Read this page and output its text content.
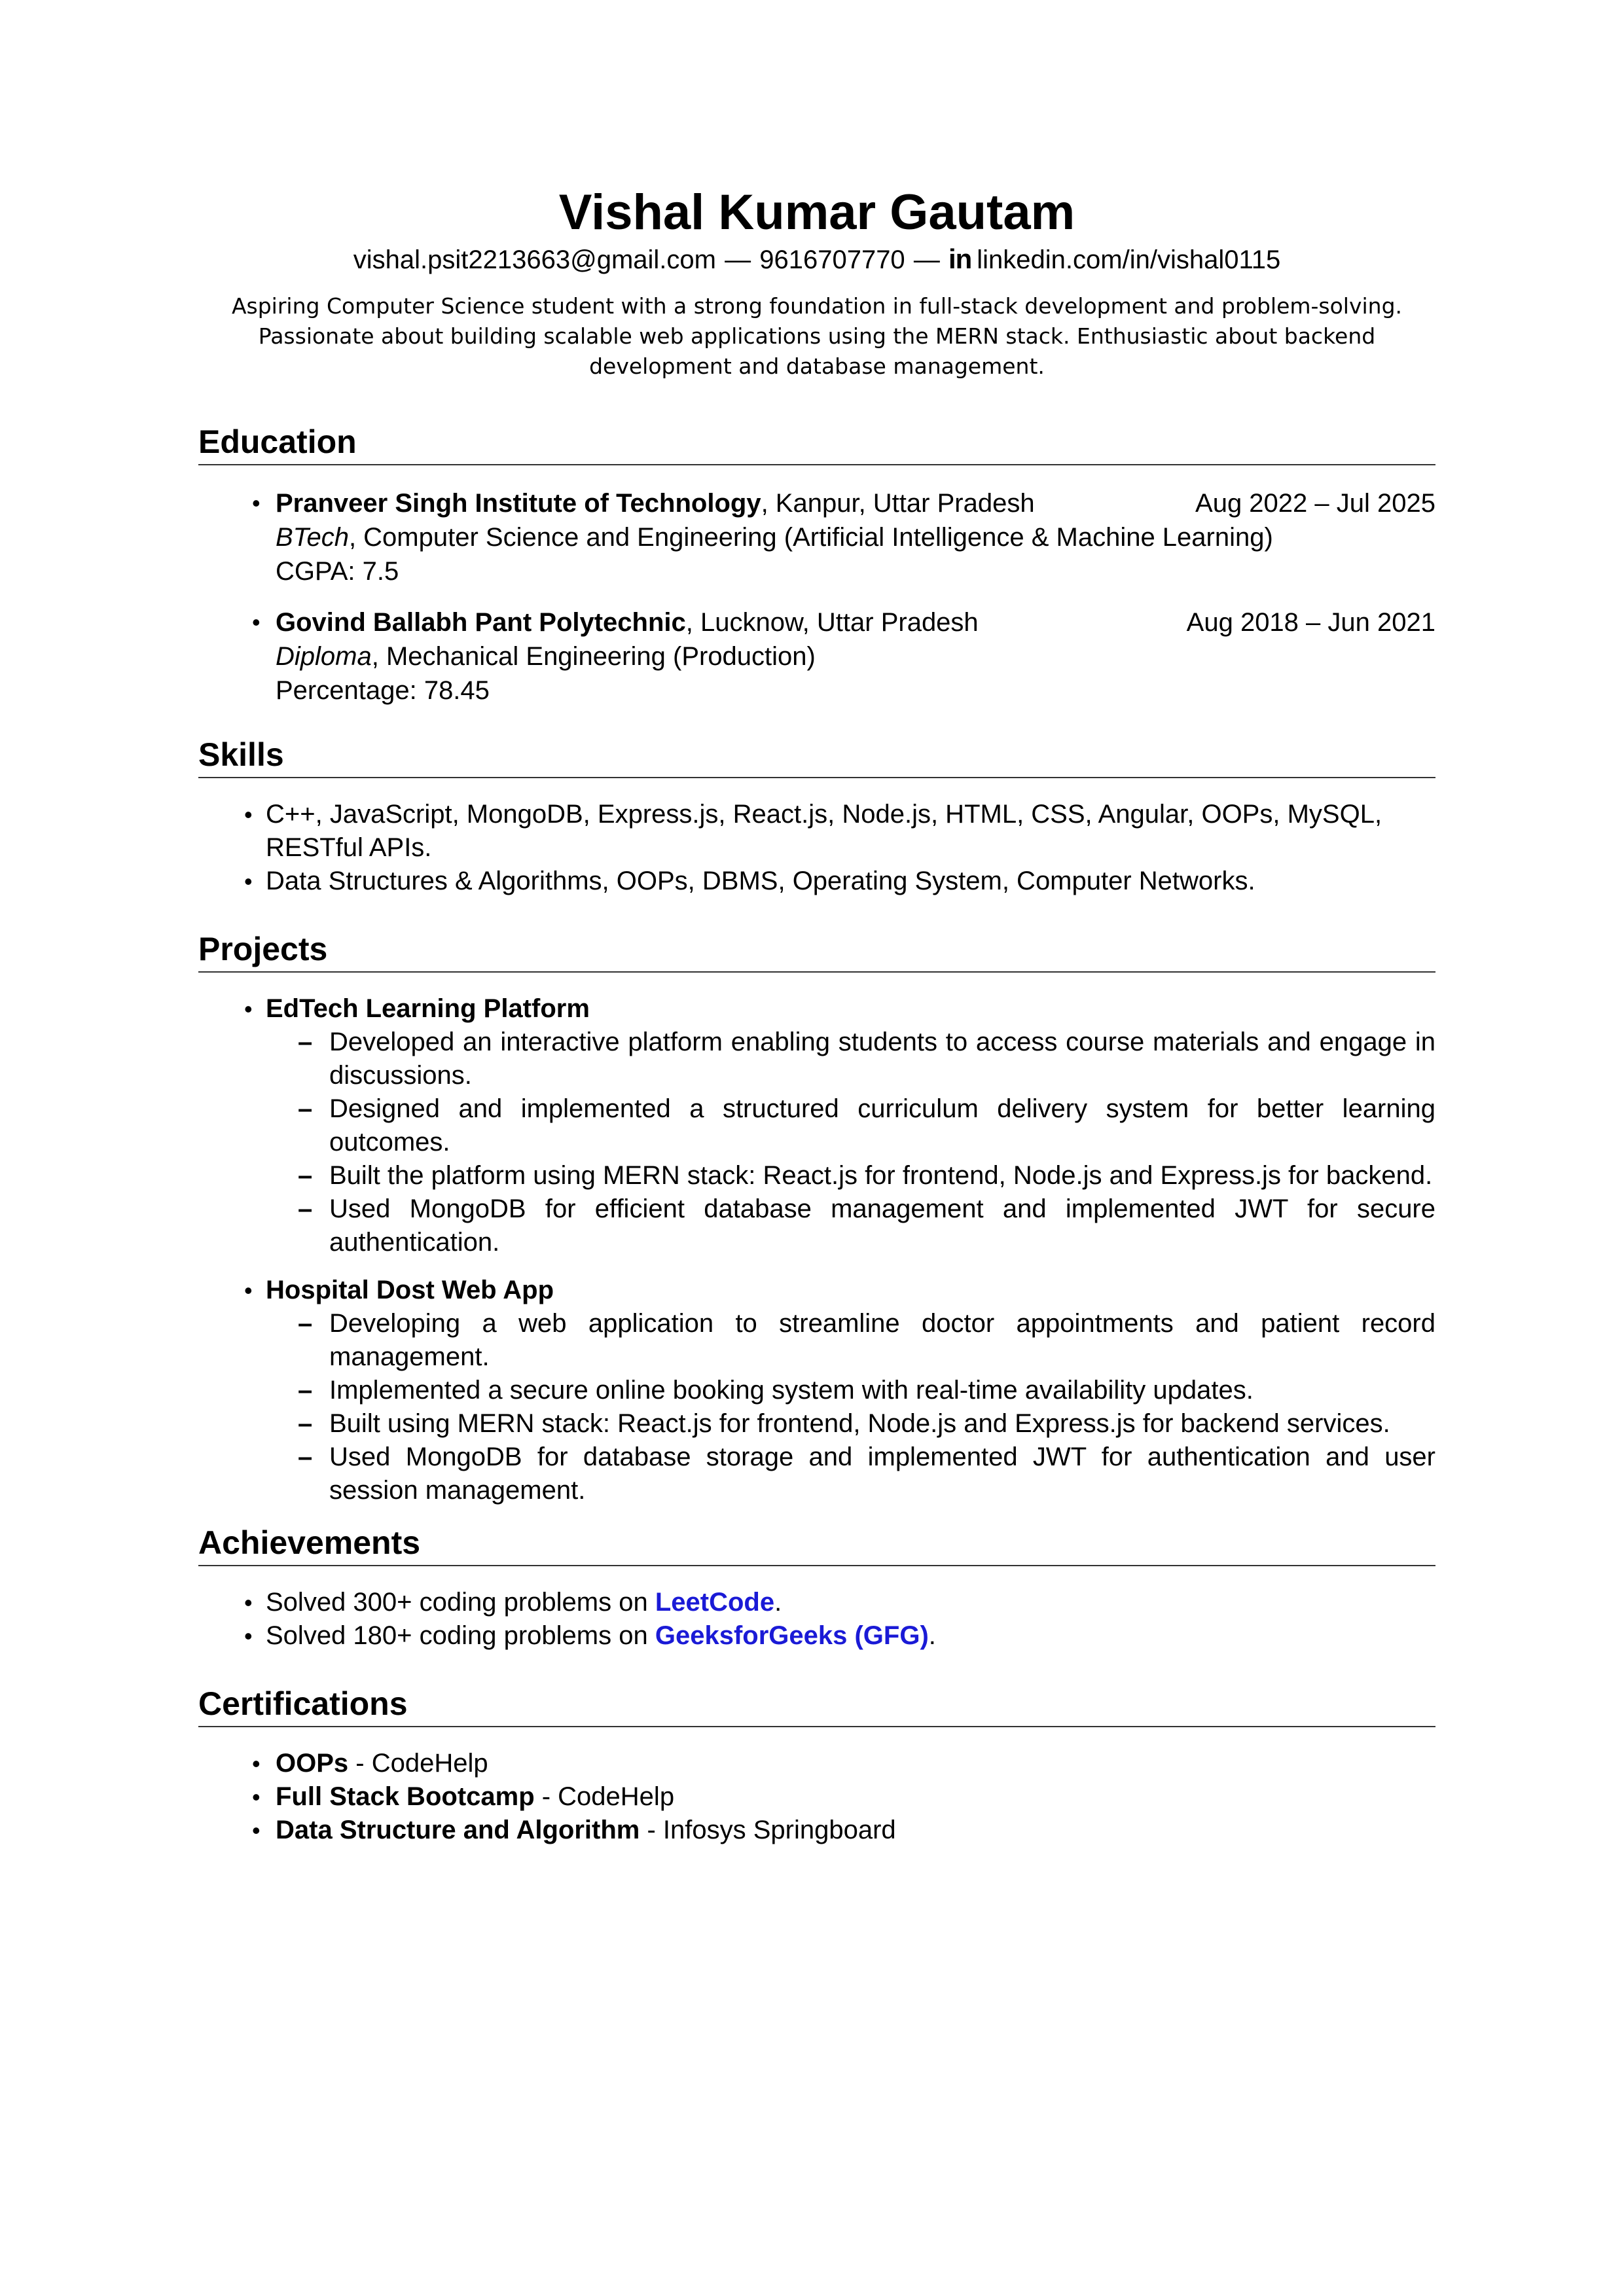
Vishal Kumar Gautam
vishal.psit2213663@gmail.com — 9616707770 — in linkedin.com/in/vishal0115
Aspiring Computer Science student with a strong foundation in full-stack development and problem-solving. Passionate about building scalable web applications using the MERN stack. Enthusiastic about backend development and database management.
Education
• Pranveer Singh Institute of Technology, Kanpur, Uttar Pradesh	Aug 2022 – Jul 2025
BTech, Computer Science and Engineering (Artificial Intelligence & Machine Learning)
CGPA: 7.5
• Govind Ballabh Pant Polytechnic, Lucknow, Uttar Pradesh	Aug 2018 – Jun 2021
Diploma, Mechanical Engineering (Production)
Percentage: 78.45
Skills
• C++, JavaScript, MongoDB, Express.js, React.js, Node.js, HTML, CSS, Angular, OOPs, MySQL, RESTful APIs.
• Data Structures & Algorithms, OOPs, DBMS, Operating System, Computer Networks.
Projects
• EdTech Learning Platform
– Developed an interactive platform enabling students to access course materials and engage in discussions.
– Designed and implemented a structured curriculum delivery system for better learning outcomes.
– Built the platform using MERN stack: React.js for frontend, Node.js and Express.js for backend.
– Used MongoDB for efficient database management and implemented JWT for secure authentication.
• Hospital Dost Web App
– Developing a web application to streamline doctor appointments and patient record management.
– Implemented a secure online booking system with real-time availability updates.
– Built using MERN stack: React.js for frontend, Node.js and Express.js for backend services.
– Used MongoDB for database storage and implemented JWT for authentication and user session management.
Achievements
• Solved 300+ coding problems on LeetCode.
• Solved 180+ coding problems on GeeksforGeeks (GFG).
Certifications
• OOPs - CodeHelp
• Full Stack Bootcamp - CodeHelp
• Data Structure and Algorithm - Infosys Springboard
